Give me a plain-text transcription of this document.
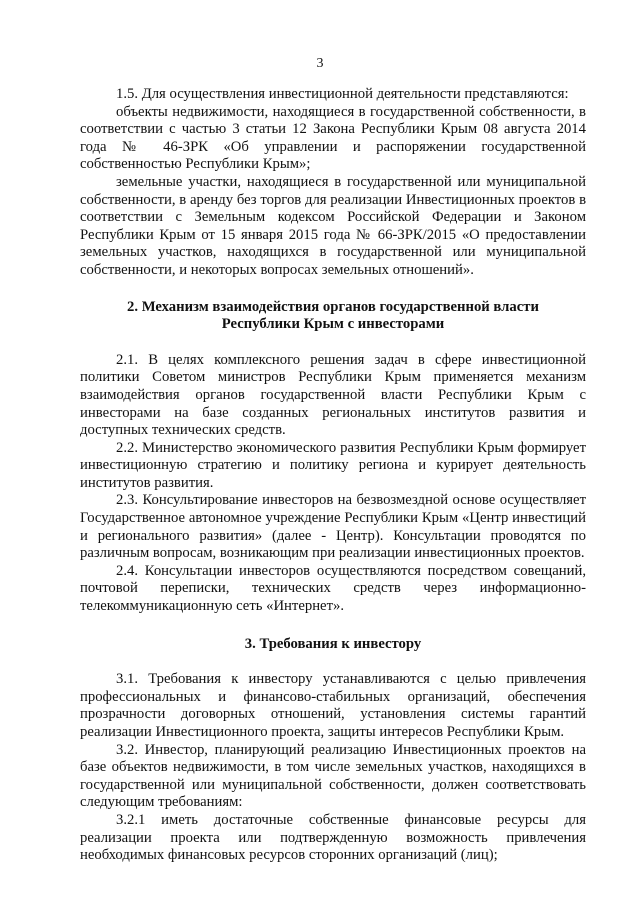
3

1.5. Для осуществления инвестиционной деятельности представляются:

объекты недвижимости, находящиеся в государственной собственности, в соответствии с частью 3 статьи 12 Закона Республики Крым 08 августа 2014 года № 46-ЗРК «Об управлении и распоряжении государственной собственностью Республики Крым»;

земельные участки, находящиеся в государственной или муниципальной собственности, в аренду без торгов для реализации Инвестиционных проектов в соответствии с Земельным кодексом Российской Федерации и Законом Республики Крым от 15 января 2015 года № 66-ЗРК/2015 «О предоставлении земельных участков, находящихся в государственной или муниципальной собственности, и некоторых вопросах земельных отношений».

2. Механизм взаимодействия органов государственной власти
Республики Крым с инвесторами

2.1. В целях комплексного решения задач в сфере инвестиционной политики Советом министров Республики Крым применяется механизм взаимодействия органов государственной власти Республики Крым с инвесторами на базе созданных региональных институтов развития и доступных технических средств.

2.2. Министерство экономического развития Республики Крым формирует инвестиционную стратегию и политику региона и курирует деятельность институтов развития.

2.3. Консультирование инвесторов на безвозмездной основе осуществляет Государственное автономное учреждение Республики Крым «Центр инвестиций и регионального развития» (далее - Центр). Консультации проводятся по различным вопросам, возникающим при реализации инвестиционных проектов.

2.4. Консультации инвесторов осуществляются посредством совещаний, почтовой переписки, технических средств через информационно-телекоммуникационную сеть «Интернет».

3. Требования к инвестору

3.1. Требования к инвестору устанавливаются с целью привлечения профессиональных и финансово-стабильных организаций, обеспечения прозрачности договорных отношений, установления системы гарантий реализации Инвестиционного проекта, защиты интересов Республики Крым.

3.2. Инвестор, планирующий реализацию Инвестиционных проектов на базе объектов недвижимости, в том числе земельных участков, находящихся в государственной или муниципальной собственности, должен соответствовать следующим требованиям:

3.2.1 иметь достаточные собственные финансовые ресурсы для реализации проекта или подтвержденную возможность привлечения необходимых финансовых ресурсов сторонних организаций (лиц);
